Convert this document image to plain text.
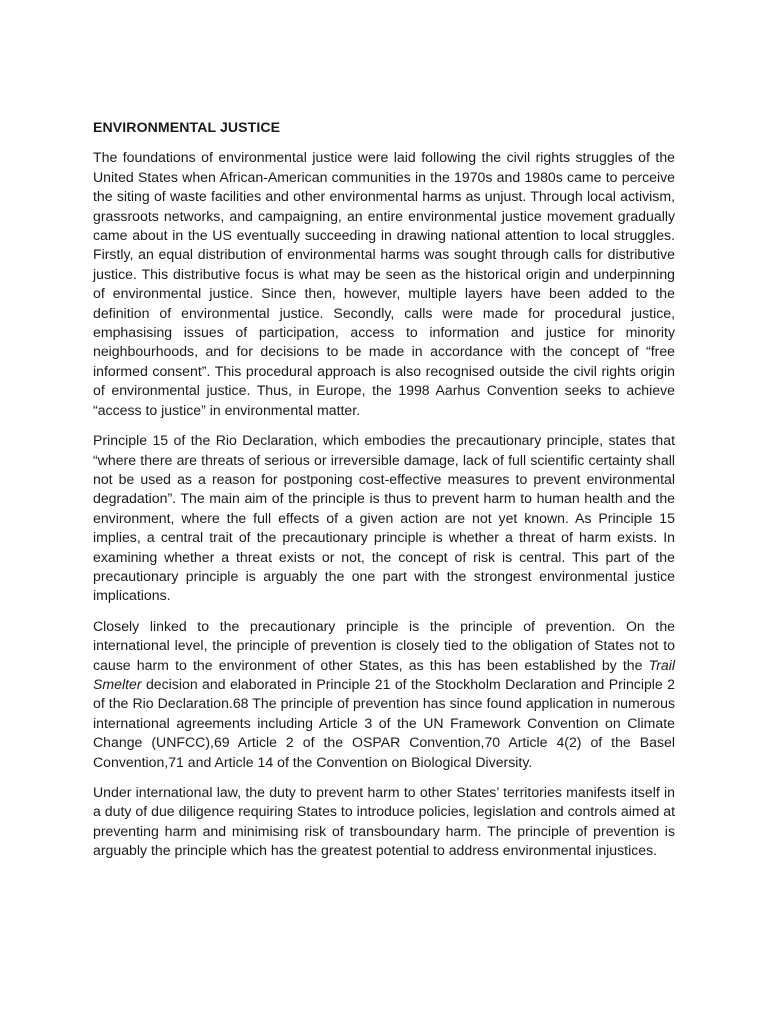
ENVIRONMENTAL JUSTICE

The foundations of environmental justice were laid following the civil rights struggles of the United States when African-American communities in the 1970s and 1980s came to perceive the siting of waste facilities and other environmental harms as unjust. Through local activism, grassroots networks, and campaigning, an entire environmental justice movement gradually came about in the US eventually succeeding in drawing national attention to local struggles. Firstly, an equal distribution of environmental harms was sought through calls for distributive justice. This distributive focus is what may be seen as the historical origin and underpinning of environmental justice. Since then, however, multiple layers have been added to the definition of environmental justice. Secondly, calls were made for procedural justice, emphasising issues of participation, access to information and justice for minority neighbourhoods, and for decisions to be made in accordance with the concept of “free informed consent”. This procedural approach is also recognised outside the civil rights origin of environmental justice. Thus, in Europe, the 1998 Aarhus Convention seeks to achieve “access to justice” in environmental matter.

Principle 15 of the Rio Declaration, which embodies the precautionary principle, states that “where there are threats of serious or irreversible damage, lack of full scientific certainty shall not be used as a reason for postponing cost-effective measures to prevent environmental degradation”. The main aim of the principle is thus to prevent harm to human health and the environment, where the full effects of a given action are not yet known. As Principle 15 implies, a central trait of the precautionary principle is whether a threat of harm exists. In examining whether a threat exists or not, the concept of risk is central. This part of the precautionary principle is arguably the one part with the strongest environmental justice implications.

Closely linked to the precautionary principle is the principle of prevention. On the international level, the principle of prevention is closely tied to the obligation of States not to cause harm to the environment of other States, as this has been established by the Trail Smelter decision and elaborated in Principle 21 of the Stockholm Declaration and Principle 2 of the Rio Declaration.68 The principle of prevention has since found application in numerous international agreements including Article 3 of the UN Framework Convention on Climate Change (UNFCC),69 Article 2 of the OSPAR Convention,70 Article 4(2) of the Basel Convention,71 and Article 14 of the Convention on Biological Diversity.

Under international law, the duty to prevent harm to other States’ territories manifests itself in a duty of due diligence requiring States to introduce policies, legislation and controls aimed at preventing harm and minimising risk of transboundary harm. The principle of prevention is arguably the principle which has the greatest potential to address environmental injustices.
